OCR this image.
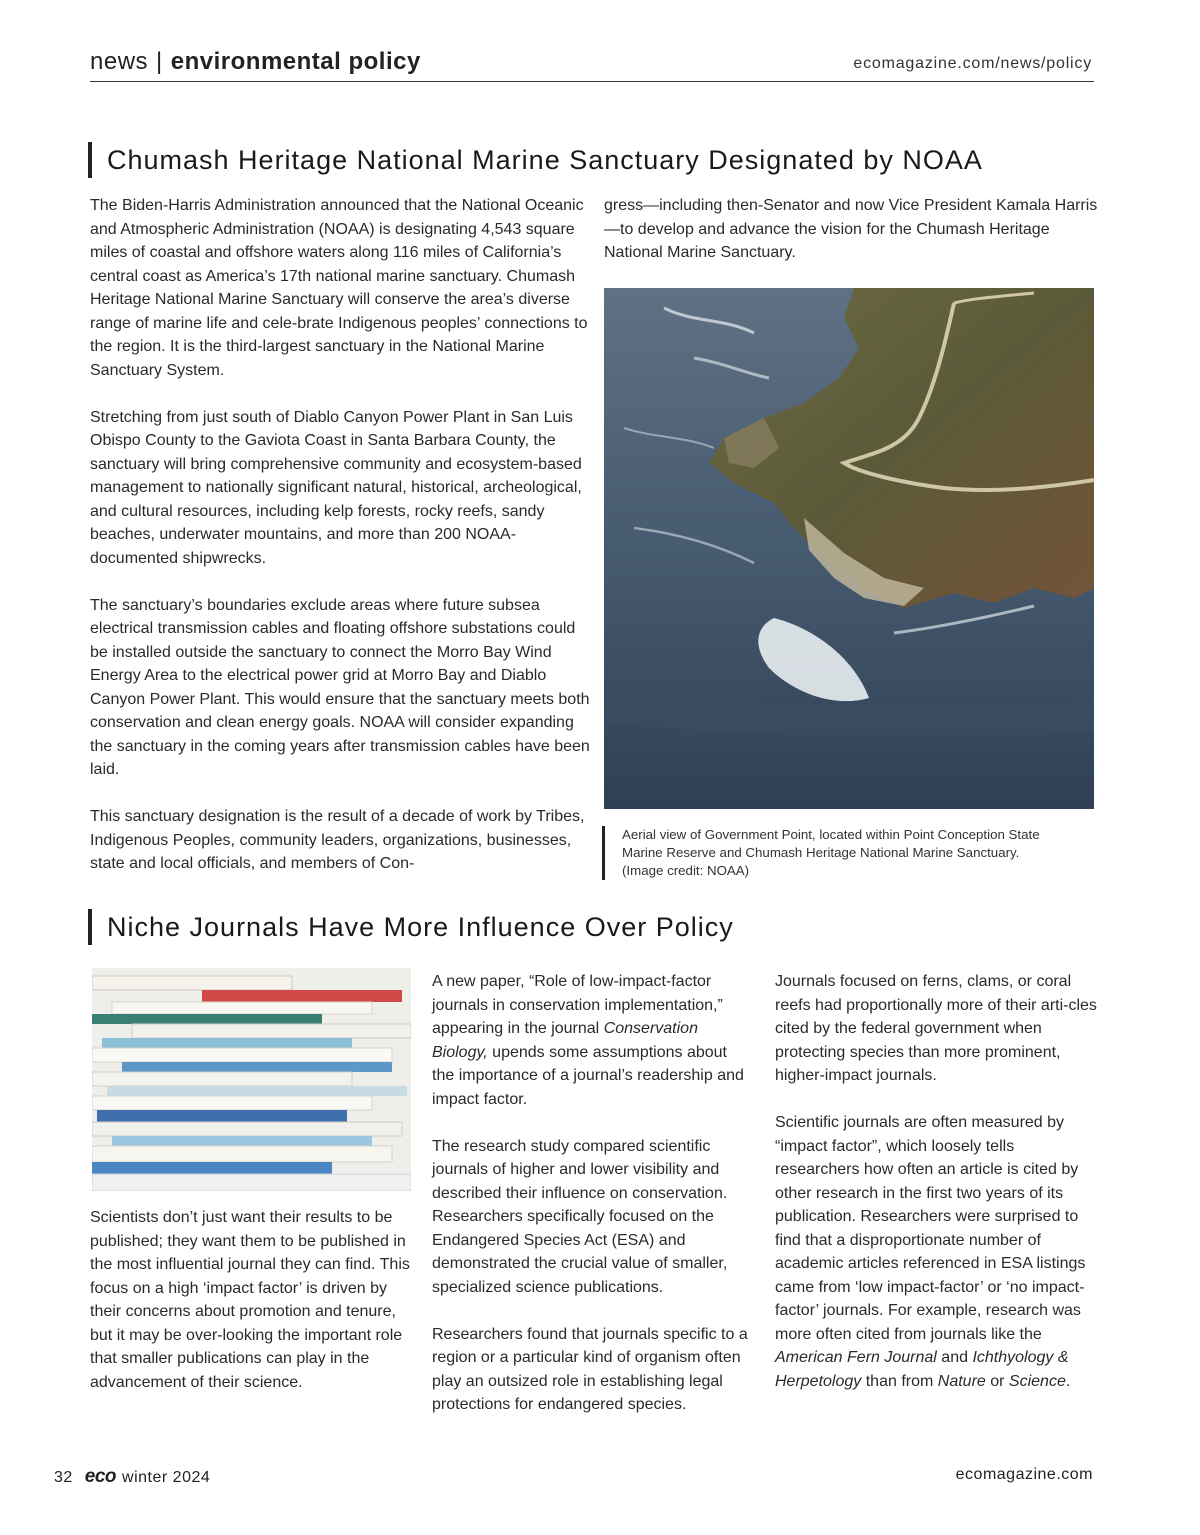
news | environmental policy	ecomagazine.com/news/policy
Chumash Heritage National Marine Sanctuary Designated by NOAA

The Biden-Harris Administration announced that the National Oceanic and Atmospheric Administration (NOAA) is designating 4,543 square miles of coastal and offshore waters along 116 miles of California’s central coast as America’s 17th national marine sanctuary. Chumash Heritage National Marine Sanctuary will conserve the area’s diverse range of marine life and cele-brate Indigenous peoples’ connections to the region. It is the third-largest sanctuary in the National Marine Sanctuary System.

Stretching from just south of Diablo Canyon Power Plant in San Luis Obispo County to the Gaviota Coast in Santa Barbara County, the sanctuary will bring comprehensive community and ecosystem-based management to nationally significant natural, historical, archeological, and cultural resources, including kelp forests, rocky reefs, sandy beaches, underwater mountains, and more than 200 NOAA-documented shipwrecks.

The sanctuary’s boundaries exclude areas where future subsea electrical transmission cables and floating offshore substations could be installed outside the sanctuary to connect the Morro Bay Wind Energy Area to the electrical power grid at Morro Bay and Diablo Canyon Power Plant. This would ensure that the sanctuary meets both conservation and clean energy goals. NOAA will consider expanding the sanctuary in the coming years after transmission cables have been laid.

This sanctuary designation is the result of a decade of work by Tribes, Indigenous Peoples, community leaders, organizations, businesses, state and local officials, and members of Con-

gress—including then-Senator and now Vice President Kamala Harris—to develop and advance the vision for the Chumash Heritage National Marine Sanctuary.

Aerial view of Government Point, located within Point Conception State Marine Reserve and Chumash Heritage National Marine Sanctuary. (Image credit: NOAA)
Niche Journals Have More Influence Over Policy

Scientists don’t just want their results to be published; they want them to be published in the most influential journal they can find. This focus on a high ‘impact factor’ is driven by their concerns about promotion and tenure, but it may be over-looking the important role that smaller publications can play in the advancement of their science.

A new paper, “Role of low-impact-factor journals in conservation implementation,” appearing in the journal Conservation Biology, upends some assumptions about the importance of a journal’s readership and impact factor.

The research study compared scientific journals of higher and lower visibility and described their influence on conservation. Researchers specifically focused on the Endangered Species Act (ESA) and demonstrated the crucial value of smaller, specialized science publications.

Researchers found that journals specific to a region or a particular kind of organism often play an outsized role in establishing legal protections for endangered species.

Journals focused on ferns, clams, or coral reefs had proportionally more of their arti-cles cited by the federal government when protecting species than more prominent, higher-impact journals.

Scientific journals are often measured by “impact factor”, which loosely tells researchers how often an article is cited by other research in the first two years of its publication. Researchers were surprised to find that a disproportionate number of academic articles referenced in ESA listings came from ‘low impact-factor’ or ‘no impact-factor’ journals. For example, research was more often cited from journals like the American Fern Journal and Ichthyology & Herpetology than from Nature or Science.

32 eco winter 2024	ecomagazine.com
